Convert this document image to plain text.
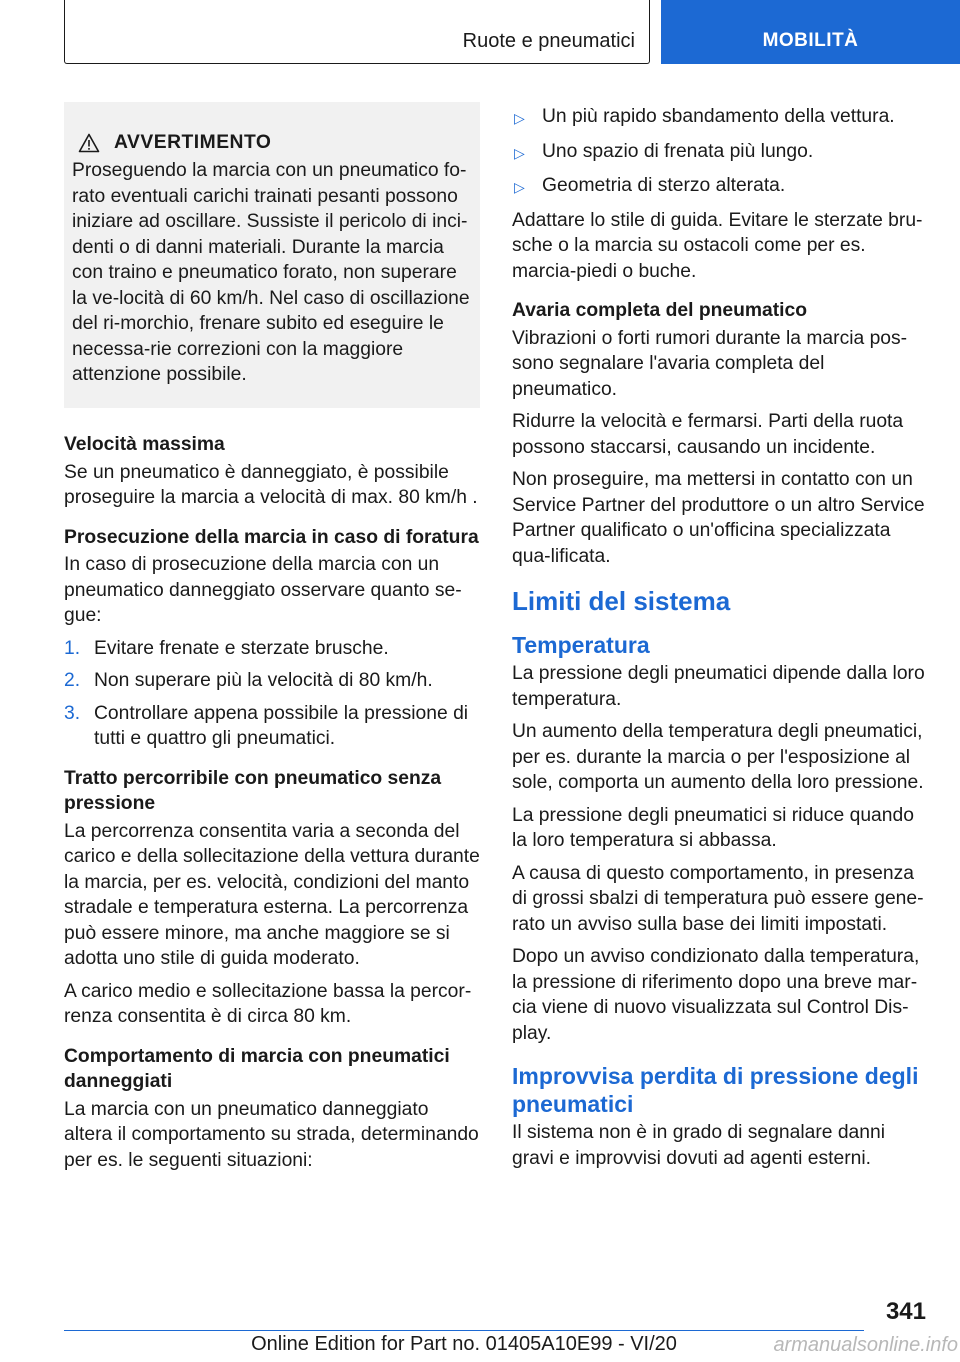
Ruote e pneumatici	MOBILITÀ
AVVERTIMENTO

Proseguendo la marcia con un pneumatico fo-rato eventuali carichi trainati pesanti possono iniziare ad oscillare. Sussiste il pericolo di inci-denti o di danni materiali. Durante la marcia con traino e pneumatico forato, non superare la ve-locità di 60 km/h. Nel caso di oscillazione del ri-morchio, frenare subito ed eseguire le necessa-rie correzioni con la maggiore attenzione possibile.

Velocità massima

Se un pneumatico è danneggiato, è possibile proseguire la marcia a velocità di max. 80 km/h .

Prosecuzione della marcia in caso di foratura

In caso di prosecuzione della marcia con un pneumatico danneggiato osservare quanto se-gue:

1. Evitare frenate e sterzate brusche.
2. Non superare più la velocità di 80 km/h.
3. Controllare appena possibile la pressione di tutti e quattro gli pneumatici.
Tratto percorribile con pneumatico senza pressione

La percorrenza consentita varia a seconda del carico e della sollecitazione della vettura durante la marcia, per es. velocità, condizioni del manto stradale e temperatura esterna. La percorrenza può essere minore, ma anche maggiore se si adotta uno stile di guida moderato.

A carico medio e sollecitazione bassa la percor-renza consentita è di circa 80 km.

Comportamento di marcia con pneumatici danneggiati

La marcia con un pneumatico danneggiato altera il comportamento su strada, determinando per es. le seguenti situazioni:

▷ Un più rapido sbandamento della vettura.
▷ Uno spazio di frenata più lungo.
▷ Geometria di sterzo alterata.

Adattare lo stile di guida. Evitare le sterzate bru-sche o la marcia su ostacoli come per es. marcia-piedi o buche.

Avaria completa del pneumatico

Vibrazioni o forti rumori durante la marcia pos-sono segnalare l'avaria completa del pneumatico.

Ridurre la velocità e fermarsi. Parti della ruota possono staccarsi, causando un incidente.

Non proseguire, ma mettersi in contatto con un Service Partner del produttore o un altro Service Partner qualificato o un'officina specializzata qua-lificata.

Limiti del sistema
Temperatura

La pressione degli pneumatici dipende dalla loro temperatura.

Un aumento della temperatura degli pneumatici, per es. durante la marcia o per l'esposizione al sole, comporta un aumento della loro pressione.

La pressione degli pneumatici si riduce quando la loro temperatura si abbassa.

A causa di questo comportamento, in presenza di grossi sbalzi di temperatura può essere gene-rato un avviso sulla base dei limiti impostati.

Dopo un avviso condizionato dalla temperatura, la pressione di riferimento dopo una breve mar-cia viene di nuovo visualizzata sul Control Dis-play.

Improvvisa perdita di pressione degli pneumatici

Il sistema non è in grado di segnalare danni gravi e improvvisi dovuti ad agenti esterni.

341
Online Edition for Part no. 01405A10E99 - VI/20	armanualsonline.info
